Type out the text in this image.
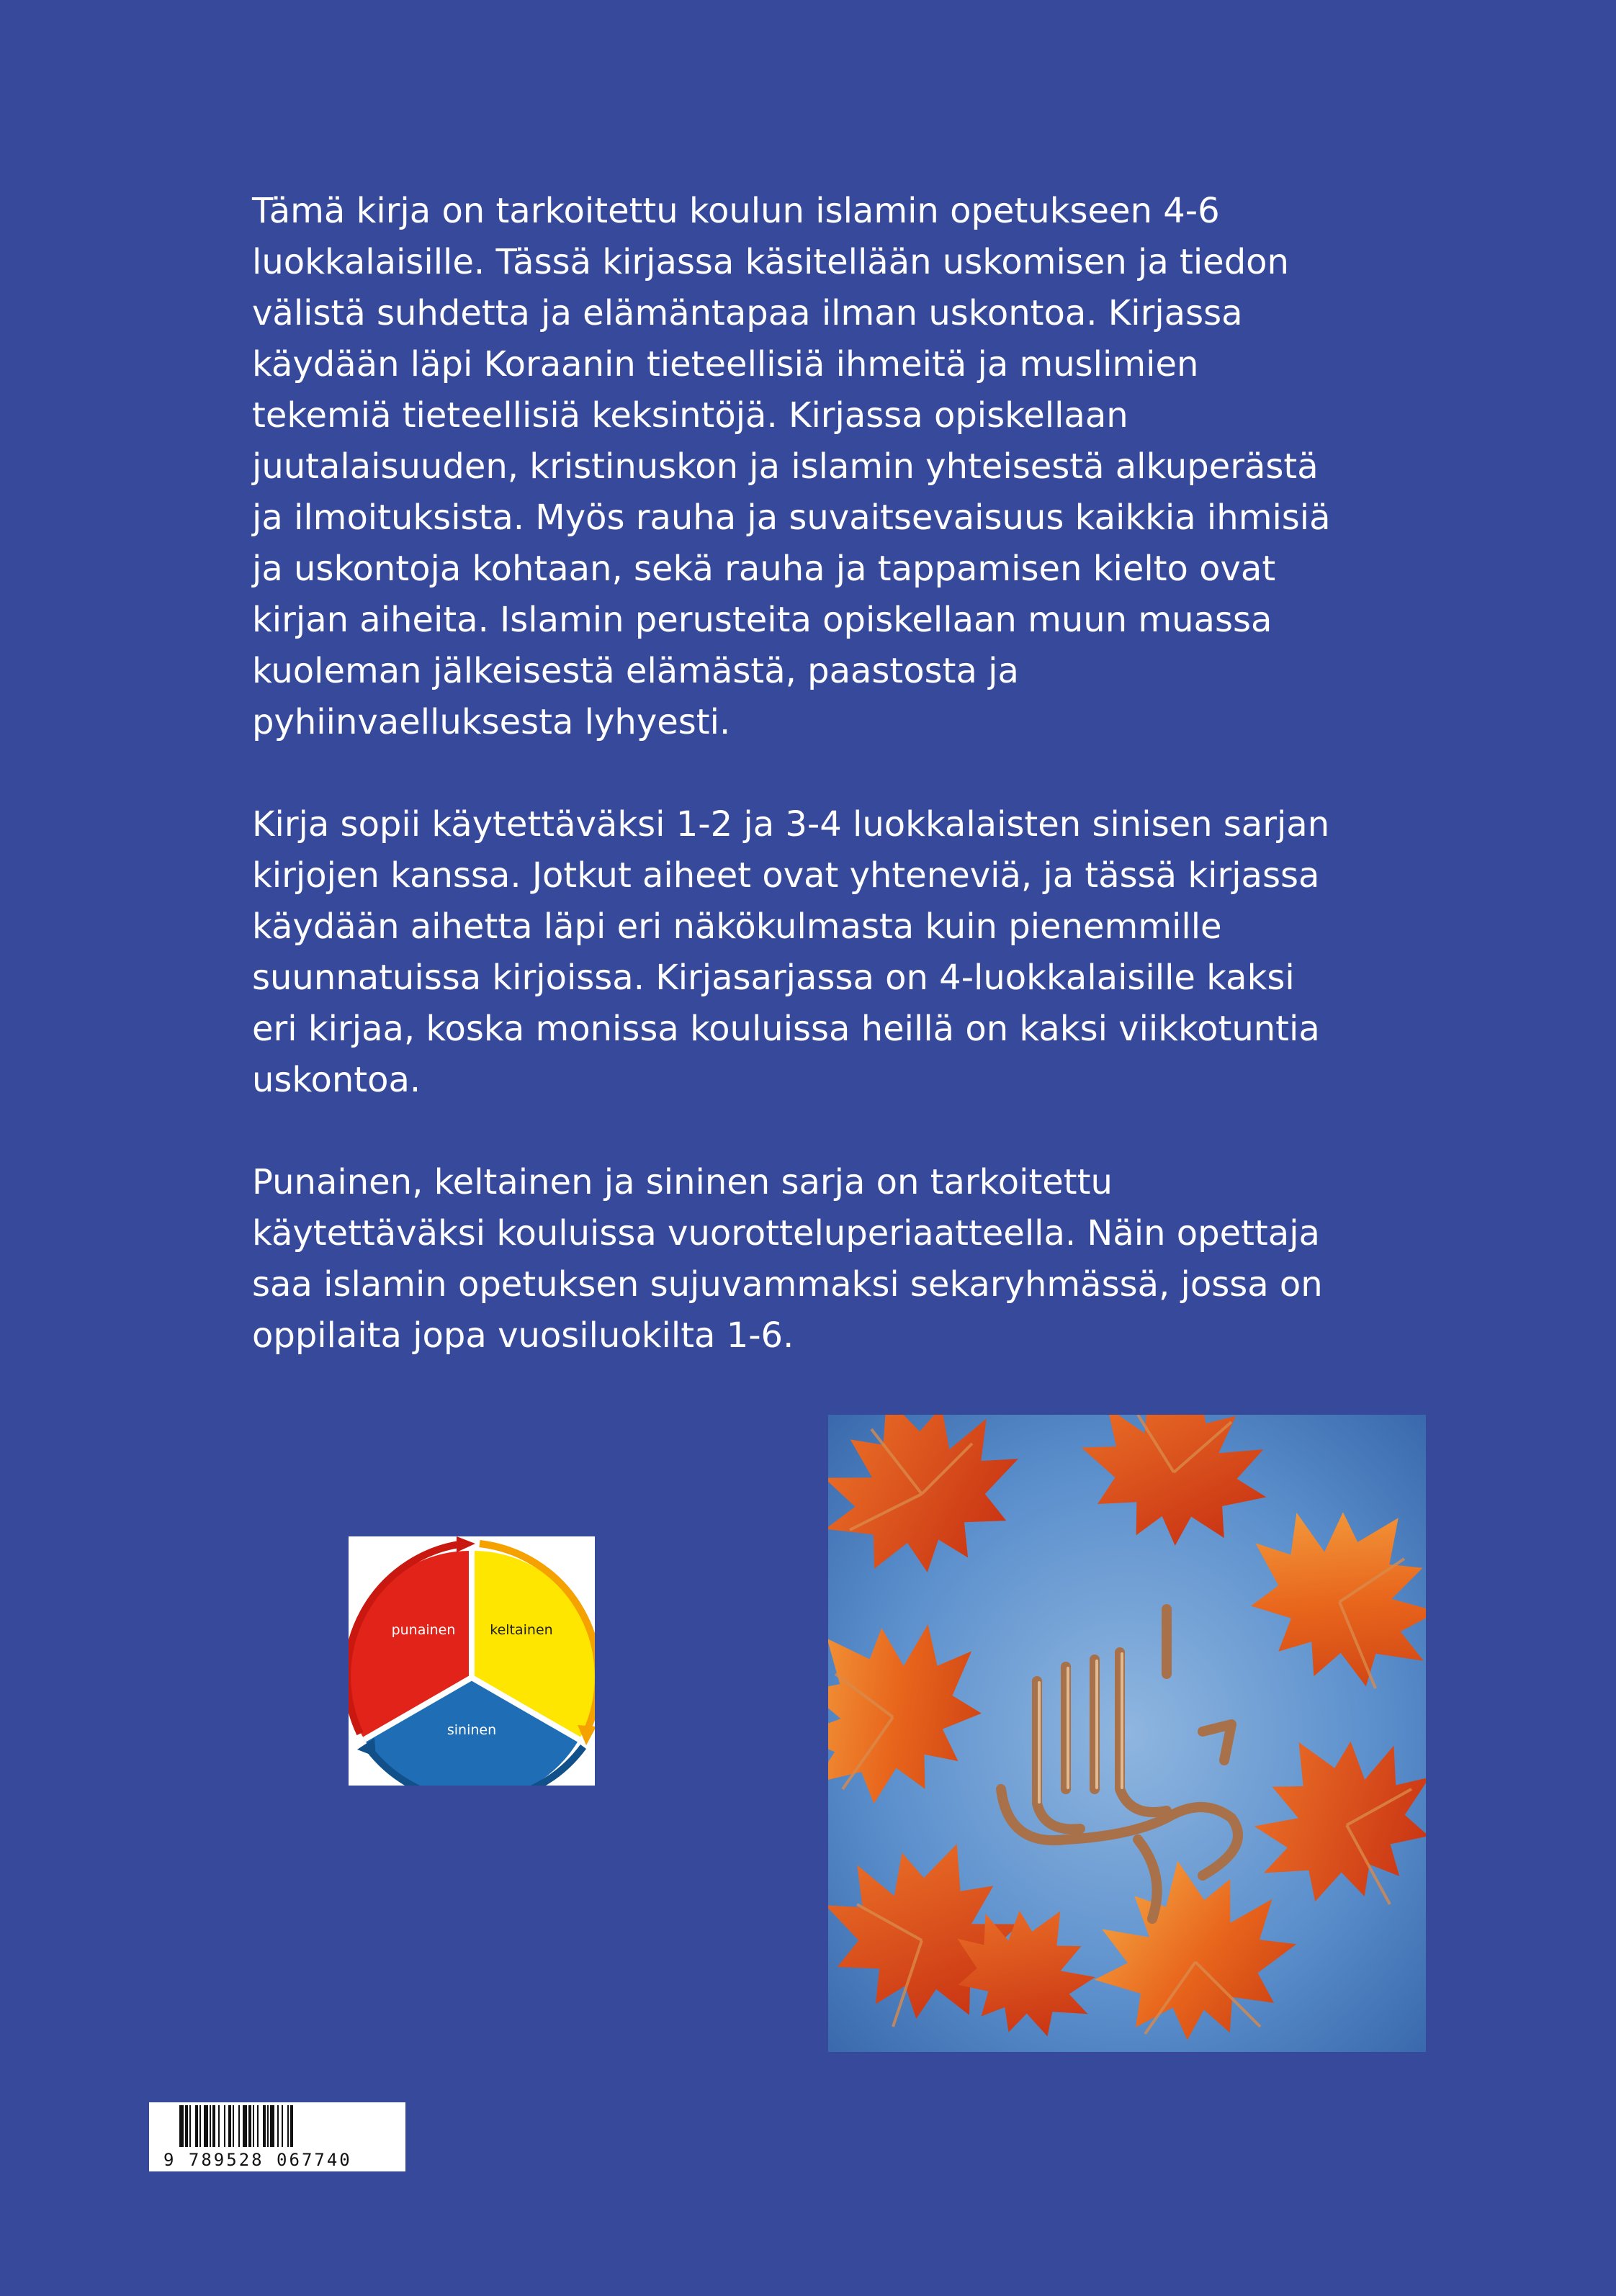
Tämä kirja on tarkoitettu koulun islamin opetukseen 4-6
luokkalaisille. Tässä kirjassa käsitellään uskomisen ja tiedon
välistä suhdetta ja elämäntapaa ilman uskontoa. Kirjassa
käydään läpi Koraanin tieteellisiä ihmeitä ja muslimien
tekemiä tieteellisiä keksintöjä. Kirjassa opiskellaan
juutalaisuuden, kristinuskon ja islamin yhteisestä alkuperästä
ja ilmoituksista. Myös rauha ja suvaitsevaisuus kaikkia ihmisiä
ja uskontoja kohtaan, sekä rauha ja tappamisen kielto ovat
kirjan aiheita. Islamin perusteita opiskellaan muun muassa
kuoleman jälkeisestä elämästä, paastosta ja
pyhiinvaelluksesta lyhyesti.

Kirja sopii käytettäväksi 1-2 ja 3-4 luokkalaisten sinisen sarjan
kirjojen kanssa. Jotkut aiheet ovat yhteneviä, ja tässä kirjassa
käydään aihetta läpi eri näkökulmasta kuin pienemmille
suunnatuissa kirjoissa. Kirjasarjassa on 4-luokkalaisille kaksi
eri kirjaa, koska monissa kouluissa heillä on kaksi viikkotuntia
uskontoa.

Punainen, keltainen ja sininen sarja on tarkoitettu
käytettäväksi kouluissa vuorotteluperiaatteella. Näin opettaja
saa islamin opetuksen sujuvammaksi sekaryhmässä, jossa on
oppilaita jopa vuosiluokilta 1-6.

punainen	keltainen
sininen
9 789528 067740
